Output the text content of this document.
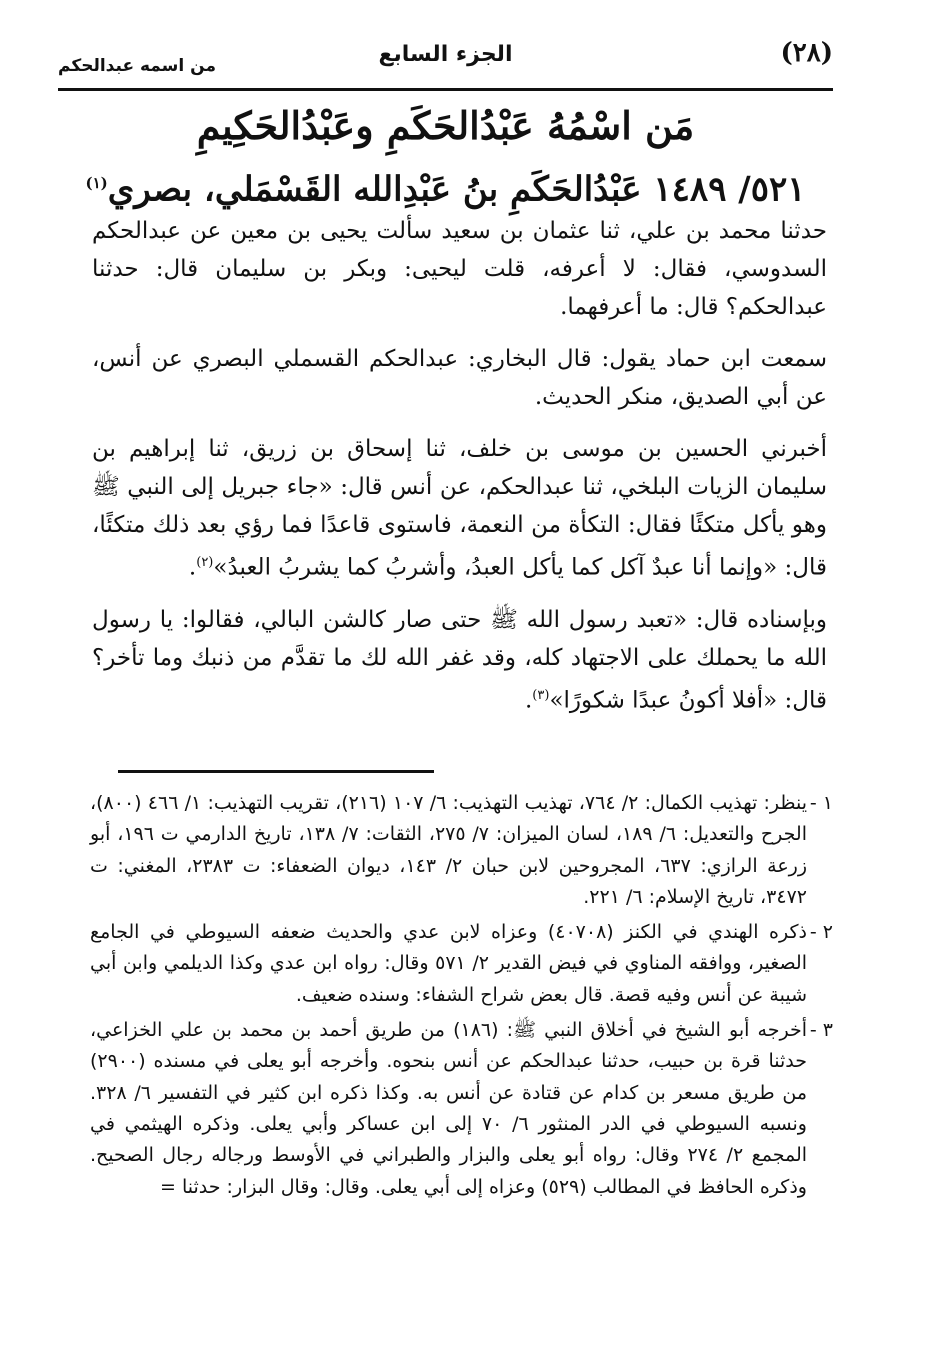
(٢٨)
الجزء السابع
من اسمه عبدالحكم
مَن اسْمُهُ عَبْدُالحَكَمِ وعَبْدُالحَكِيمِ
٥٢١/ ١٤٨٩ عَبْدُالحَكَمِ بنُ عَبْدِالله القَسْمَلي، بصري$^{(١)}$

حدثنا محمد بن علي، ثنا عثمان بن سعيد سألت يحيى بن معين عن عبدالحكم السدوسي، فقال: لا أعرفه، قلت ليحيى: وبكر بن سليمان قال: حدثنا عبدالحكم؟ قال: ما أعرفهما.

سمعت ابن حماد يقول: قال البخاري: عبدالحكم القسملي البصري عن أنس، عن أبي الصديق، منكر الحديث.

أخبرني الحسين بن موسى بن خلف، ثنا إسحاق بن زريق، ثنا إبراهيم بن سليمان الزيات البلخي، ثنا عبدالحكم، عن أنس قال: «جاء جبريل إلى النبي ﷺ وهو يأكل متكئًا فقال: التكأة من النعمة، فاستوى قاعدًا فما رؤي بعد ذلك متكئًا، قال: «وإنما أنا عبدٌ آكل كما يأكل العبدُ، وأشربُ كما يشربُ العبدُ»$^{(٢)}$.

وبإسناده قال: «تعبد رسول الله ﷺ حتى صار كالشن البالي، فقالوا: يا رسول الله ما يحملك على الاجتهاد كله، وقد غفر الله لك ما تقدَّم من ذنبك وما تأخر؟ قال: «أفلا أكونُ عبدًا شكورًا»$^{(٣)}$.

١ -
ينظر: تهذيب الكمال: ٢/ ٧٦٤، تهذيب التهذيب: ٦/ ١٠٧ (٢١٦)، تقريب التهذيب: ١/ ٤٦٦ (٨٠٠)، الجرح والتعديل: ٦/ ١٨٩، لسان الميزان: ٧/ ٢٧٥، الثقات: ٧/ ١٣٨، تاريخ الدارمي ت ١٩٦، أبو زرعة الرازي: ٦٣٧، المجروحين لابن حبان ٢/ ١٤٣، ديوان الضعفاء: ت ٢٣٨٣، المغني: ت ٣٤٧٢، تاريخ الإسلام: ٦/ ٢٢١.
٢ -
ذكره الهندي في الكنز (٤٠٧٠٨) وعزاه لابن عدي والحديث ضعفه السيوطي في الجامع الصغير، ووافقه المناوي في فيض القدير ٢/ ٥٧١ وقال: رواه ابن عدي وكذا الديلمي وابن أبي شيبة عن أنس وفيه قصة. قال بعض شراح الشفاء: وسنده ضعيف.
٣ -
أخرجه أبو الشيخ في أخلاق النبي ﷺ: (١٨٦) من طريق أحمد بن محمد بن علي الخزاعي، حدثنا قرة بن حبيب، حدثنا عبدالحكم عن أنس بنحوه. وأخرجه أبو يعلى في مسنده (٢٩٠٠) من طريق مسعر بن كدام عن قتادة عن أنس به. وكذا ذكره ابن كثير في التفسير ٦/ ٣٢٨. ونسبه السيوطي في الدر المنثور ٦/ ٧٠ إلى ابن عساكر وأبي يعلى. وذكره الهيثمي في المجمع ٢/ ٢٧٤ وقال: رواه أبو يعلى والبزار والطبراني في الأوسط ورجاله رجال الصحيح. وذكره الحافظ في المطالب (٥٢٩) وعزاه إلى أبي يعلى. وقال: وقال البزار: حدثنا =
